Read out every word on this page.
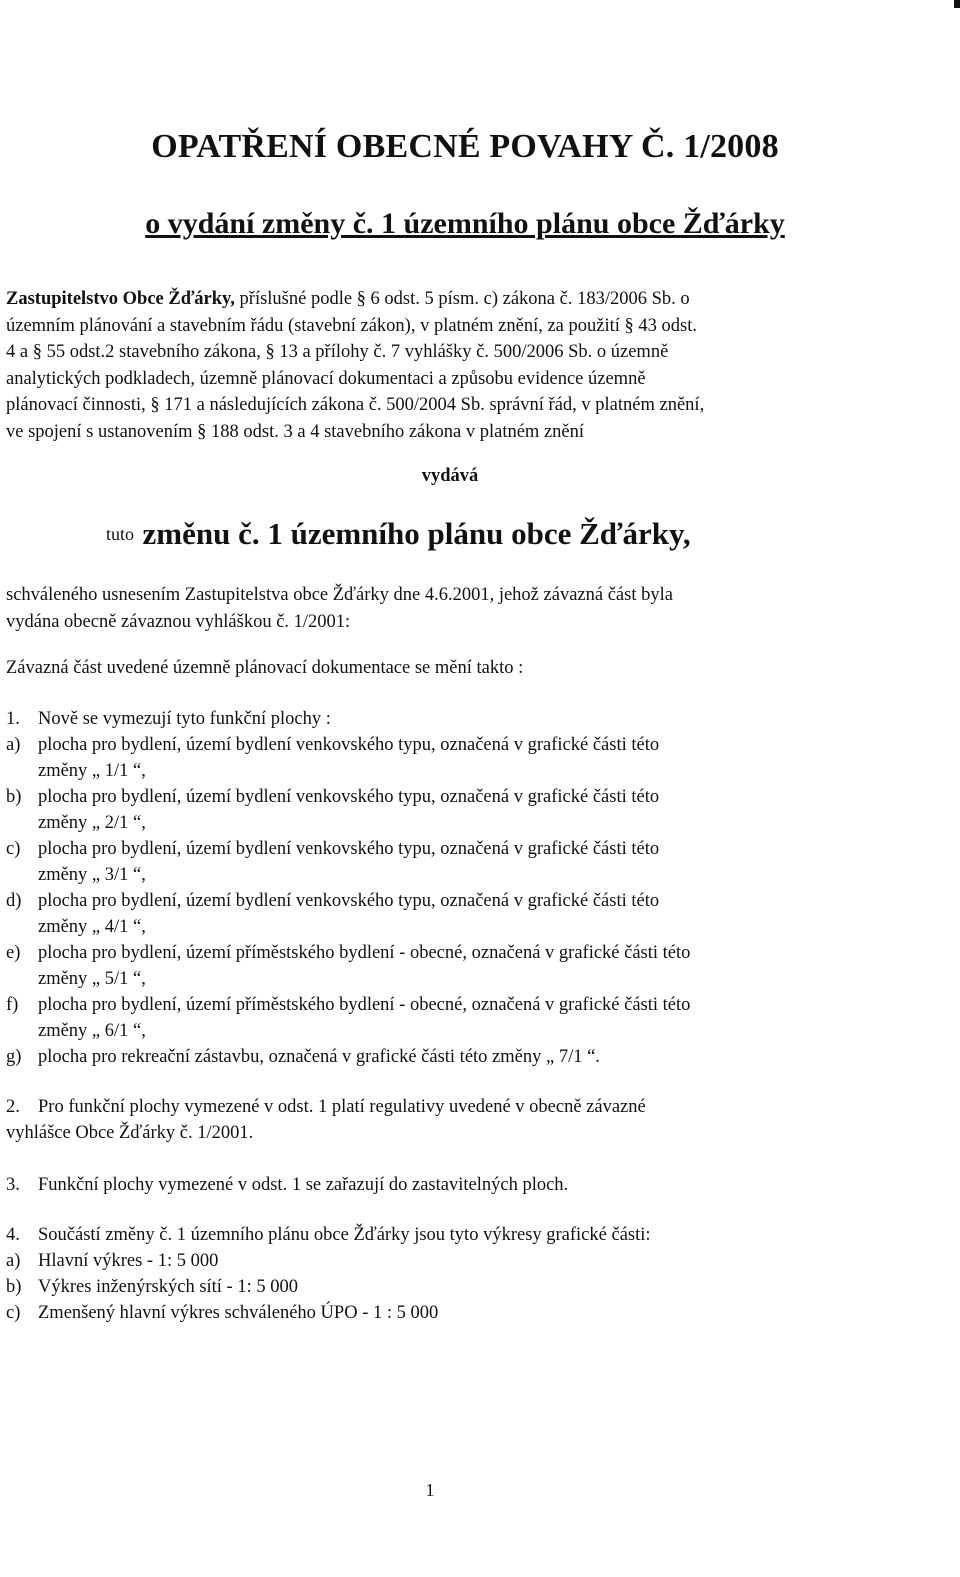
OPATŘENÍ OBECNÉ POVAHY Č. 1/2008
o vydání změny č. 1 územního plánu obce Žďárky
Zastupitelstvo Obce Žďárky, příslušné podle § 6 odst. 5 písm. c) zákona č. 183/2006 Sb. o
územním plánování a stavebním řádu (stavební zákon), v platném znění, za použití § 43 odst.
4 a § 55 odst.2 stavebního zákona, § 13 a přílohy č. 7 vyhlášky č. 500/2006 Sb. o územně
analytických podkladech, územně plánovací dokumentaci a způsobu evidence územně
plánovací činnosti, § 171 a následujících zákona č. 500/2004 Sb. správní řád, v platném znění,
ve spojení s ustanovením § 188 odst. 3 a 4 stavebního zákona v platném znění
vydává
tuto změnu č. 1 územního plánu obce Žďárky,
schváleného usnesením Zastupitelstva obce Žďárky dne 4.6.2001, jehož závazná část byla
vydána obecně závaznou vyhláškou č. 1/2001:
Závazná část uvedené územně plánovací dokumentace se mění takto :
1. Nově se vymezují tyto funkční plochy :
a) plocha pro bydlení, území bydlení venkovského typu, označená v grafické části této
změny „ 1/1 “,
b) plocha pro bydlení, území bydlení venkovského typu, označená v grafické části této
změny „ 2/1 “,
c) plocha pro bydlení, území bydlení venkovského typu, označená v grafické části této
změny „ 3/1 “,
d) plocha pro bydlení, území bydlení venkovského typu, označená v grafické části této
změny „ 4/1 “,
e) plocha pro bydlení, území příměstského bydlení - obecné, označená v grafické části této
změny „ 5/1 “,
f)	plocha pro bydlení, území příměstského bydlení - obecné, označená v grafické části této
změny „ 6/1 “,
g) plocha pro rekreační zástavbu, označená v grafické části této změny „ 7/1 “.
2. Pro funkční plochy vymezené v odst. 1 platí regulativy uvedené v obecně závazné
vyhlášce Obce Žďárky č. 1/2001.
3. Funkční plochy vymezené v odst. 1 se zařazují do zastavitelných ploch.
4. Součástí změny č. 1 územního plánu obce Žďárky jsou tyto výkresy grafické části:
a) Hlavní výkres - 1: 5 000
b) Výkres inženýrských sítí - 1: 5 000
c) Zmenšený hlavní výkres schváleného ÚPO - 1 : 5 000
1
